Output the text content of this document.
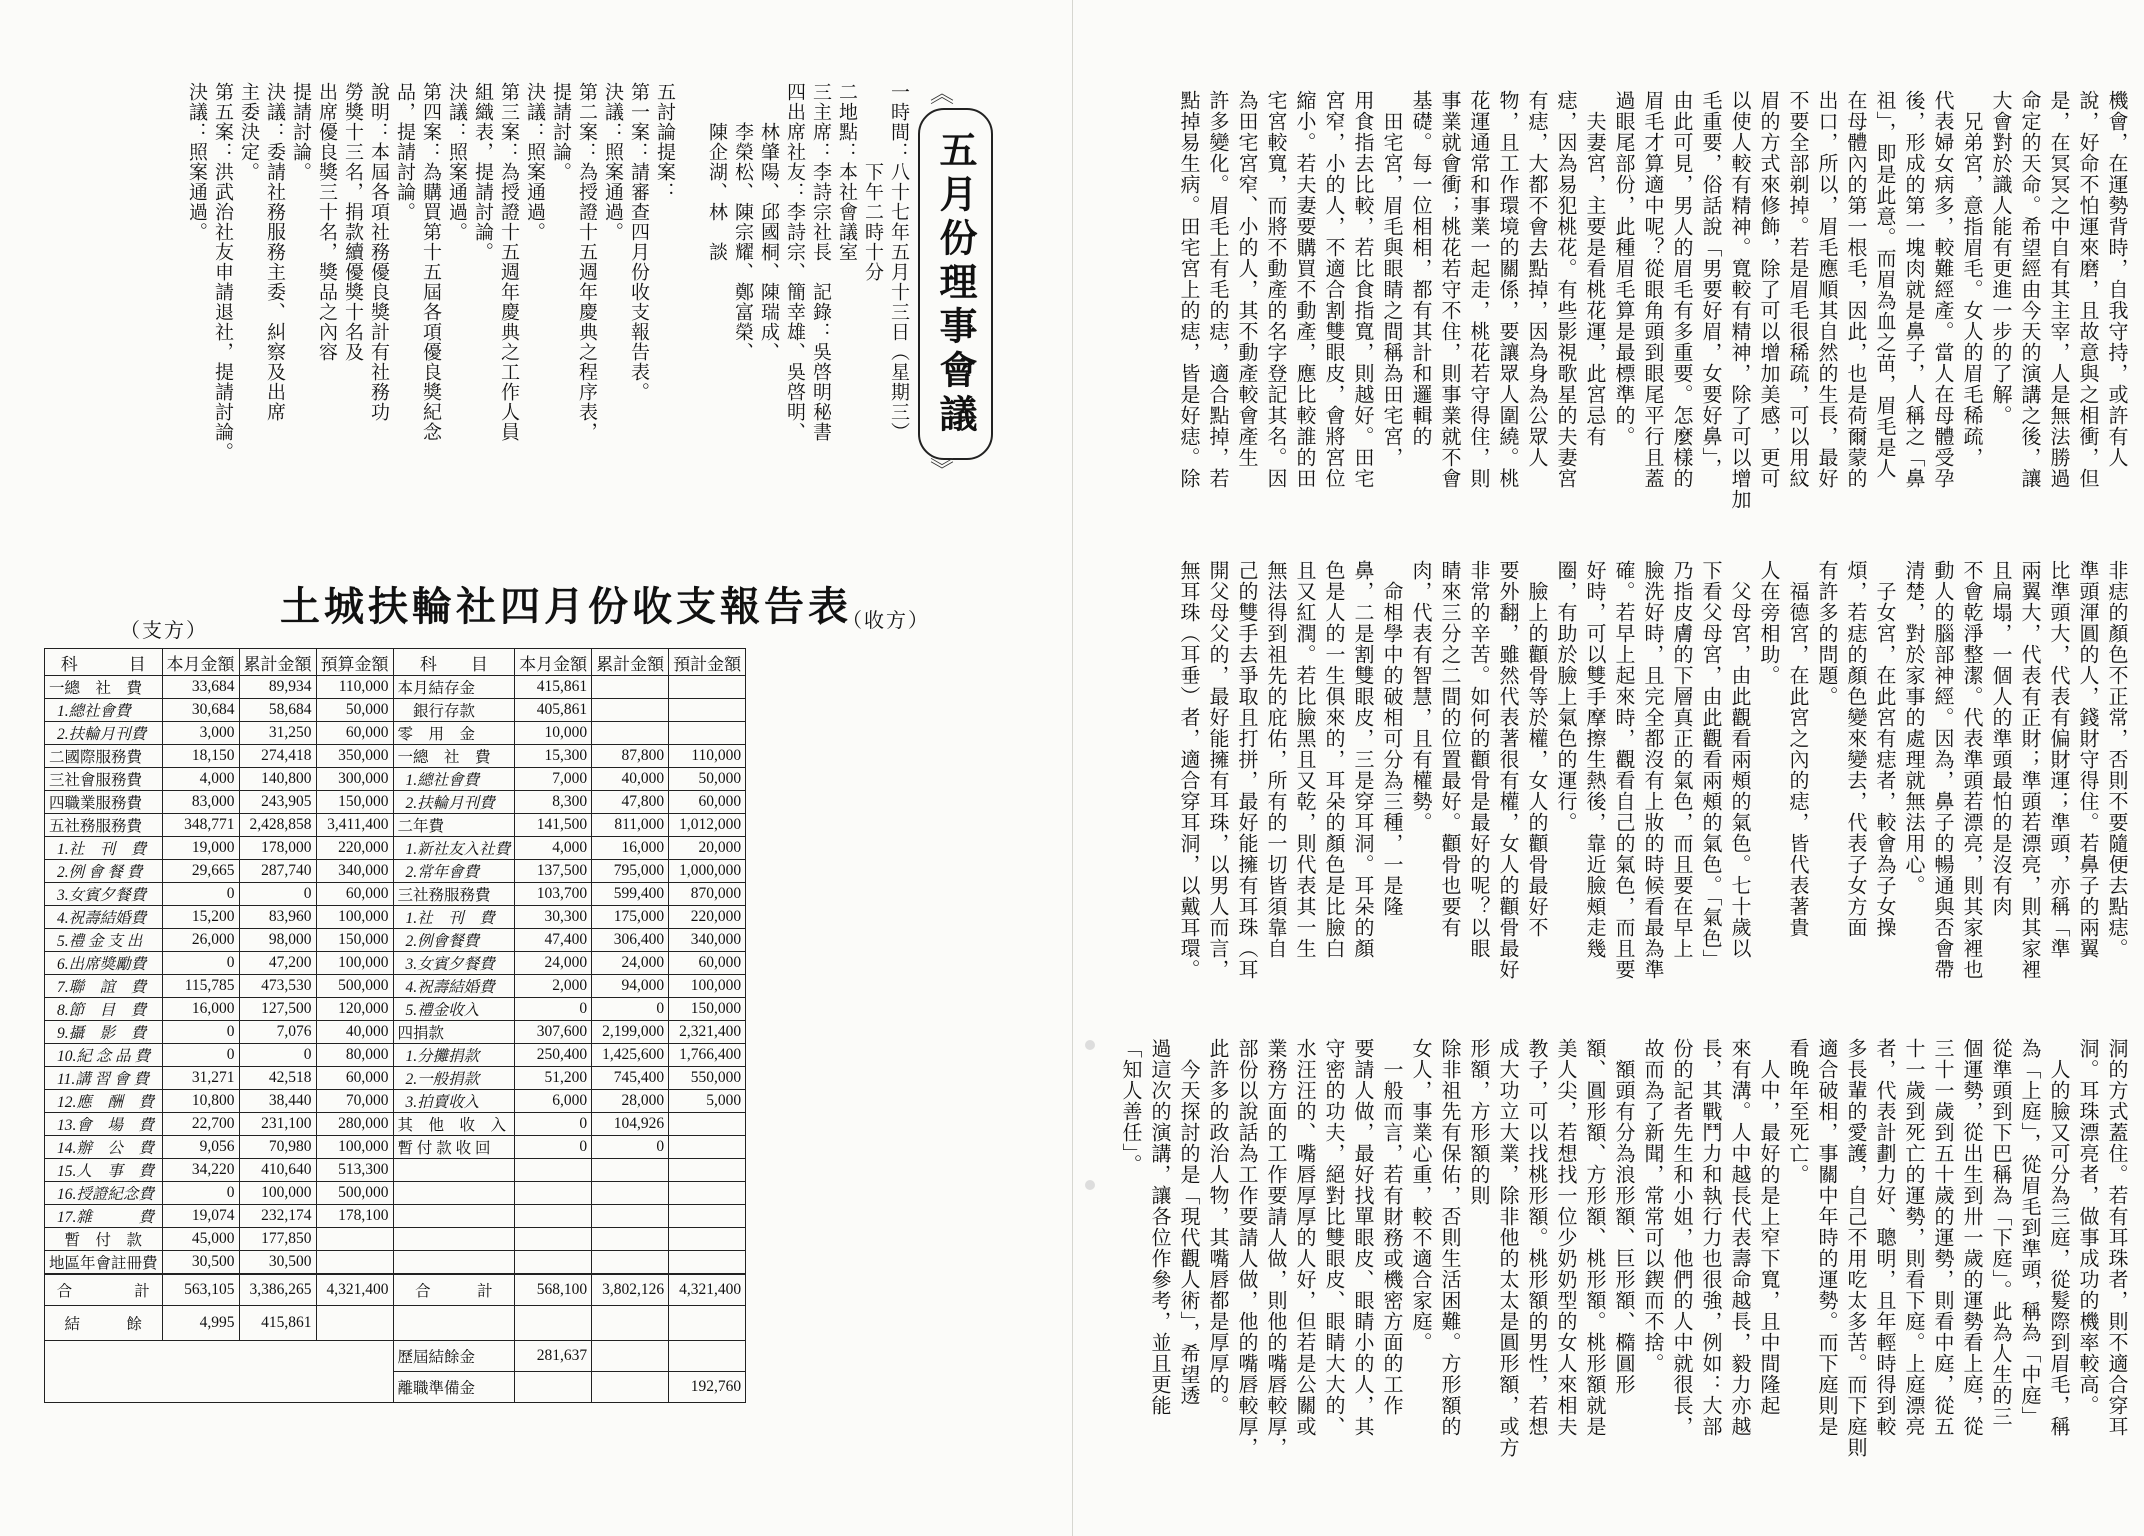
︽
五月份理事會議
︾
一時間：八十七年五月十三日（星期三）
　　　　下午二時十分
二地點：本社會議室
三主席：李詩宗社長　記錄：吳啓明秘書
四出席社友：李詩宗、簡幸雄、吳啓明、
　　林肇陽、邱國桐、陳瑞成、
　　李榮松、陳宗耀、鄭富榮、
　　陳企湖、林　談
五討論提案：
第一案：請審查四月份收支報告表。
決議：照案通過。
第二案：為授證十五週年慶典之程序表，
提請討論。
決議：照案通過。
第三案：為授證十五週年慶典之工作人員
組織表，提請討論。
決議：照案通過。
第四案：為購買第十五屆各項優良獎紀念
品，提請討論。
說明：本屆各項社務優良獎計有社務功
勞獎十三名，捐款續優獎十名及
出席優良獎三十名，獎品之內容
提請討論。
決議：委請社務服務主委、糾察及出席
主委決定。
第五案：洪武治社友申請退社，提請討論。
決議：照案通過。
土城扶輪社四月份收支報告表
（支方）	（收方）
科　　　目	本月金額	累計金額	預算金額	科　　目	本月金額	累計金額	預計金額
一總　社　費	33,684	89,934	110,000	本月結存金	415,861		
1.總社會費	30,684	58,684	50,000	　銀行存款	405,861		
2.扶輪月刊費	3,000	31,250	60,000	零　用　金	10,000		
二國際服務費	18,150	274,418	350,000	一總　社　費	15,300	87,800	110,000
三社會服務費	4,000	140,800	300,000	1.總社會費	7,000	40,000	50,000
四職業服務費	83,000	243,905	150,000	2.扶輪月刊費	8,300	47,800	60,000
五社務服務費	348,771	2,428,858	3,411,400	二年費	141,500	811,000	1,012,000
1.社　刊　費	19,000	178,000	220,000	1.新社友入社費	4,000	16,000	20,000
2.例 會 餐 費	29,665	287,740	340,000	2.常年會費	137,500	795,000	1,000,000
3.女賓夕餐費	0	0	60,000	三社務服務費	103,700	599,400	870,000
4.祝壽結婚費	15,200	83,960	100,000	1.社　刊　費	30,300	175,000	220,000
5.禮 金 支 出	26,000	98,000	150,000	2.例會餐費	47,400	306,400	340,000
6.出席獎勵費	0	47,200	100,000	3.女賓夕餐費	24,000	24,000	60,000
7.聯　誼　費	115,785	473,530	500,000	4.祝壽結婚費	2,000	94,000	100,000
8.節　目　費	16,000	127,500	120,000	5.禮金收入	0	0	150,000
9.攝　影　費	0	7,076	40,000	四捐款	307,600	2,199,000	2,321,400
10.紀 念 品 費	0	0	80,000	1.分攤捐款	250,400	1,425,600	1,766,400
11.講 習 會 費	31,271	42,518	60,000	2.一般捐款	51,200	745,400	550,000
12.應　酬　費	10,800	38,440	70,000	3.拍賣收入	6,000	28,000	5,000
13.會　場　費	22,700	231,100	280,000	其　他　收　入	0	104,926	
14.辦　公　費	9,056	70,980	100,000	暫 付 款 收 回	0	0	
15.人　事　費	34,220	410,640	513,300				
16.授證紀念費	0	100,000	500,000				
17.雜　　　費	19,074	232,174	178,100				
　暫　付　款	45,000	177,850					
地區年會註冊費	30,500	30,500					
合　　　　計	563,105	3,386,265	4,321,400	合　　　計	568,100	3,802,126	4,321,400
結　　　餘	4,995	415,861					
				歷屆結餘金	281,637		
				離職準備金			192,760
機會，在運勢背時，自我守持，或許有人
說，好命不怕運來磨，且故意與之相衝，但
是，在冥冥之中自有其主宰，人是無法勝過
命定的天命。希望經由今天的演講之後，讓
大會對於識人能有更進一步的了解。
　兄弟宮，意指眉毛。女人的眉毛稀疏，
代表婦女病多，較難經產。當人在母體受孕
後，形成的第一塊肉就是鼻子，人稱之「鼻
祖」，即是此意。而眉為血之苗，眉毛是人
在母體內的第一根毛，因此，也是荷爾蒙的
出口，所以，眉毛應順其自然的生長，最好
不要全部剃掉。若是眉毛很稀疏，可以用紋
眉的方式來修飾，除了可以增加美感，更可
以使人較有精神。寬較有精神，除了可以增加
毛重要，俗話說「男要好眉，女要好鼻」，
由此可見，男人的眉毛有多重要。怎麼樣的
眉毛才算適中呢？從眼角頭到眼尾平行且蓋
過眼尾部份，此種眉毛算是最標準的。
　夫妻宮，主要是看桃花運，此宮忌有
痣，因為易犯桃花。有些影視歌星的夫妻宮
有痣，大都不會去點掉，因為身為公眾人
物，且工作環境的關係，要讓眾人圍繞。桃
花運通常和事業一起走，桃花若守得住，則
事業就會衝；桃花若守不住，則事業就不會
基礎。每一位相相，都有其計和邏輯的
　田宅宮，眉毛與眼睛之間稱為田宅宮，
用食指去比較，若比食指寬，則越好。田宅
宮窄，小的人，不適合割雙眼皮，會將宮位
縮小。若夫妻要購買不動產，應比較誰的田
宅宮較寬，而將不動產的名字登記其名。因
為田宅宮窄、小的人，其不動產較會產生
許多變化。眉毛上有毛的痣，適合點掉，若
點掉易生病。田宅宮上的痣，皆是好痣。除
非痣的顏色不正常，否則不要隨便去點痣。
準頭渾圓的人，錢財守得住。若鼻子的兩翼
比準頭大，代表有偏財運；準頭，亦稱「準
兩翼大，代表有正財；準頭若漂亮，則其家裡
且扁塌，一個人的準頭最怕的是沒有肉
不會乾淨整潔。代表準頭若漂亮，則其家裡也
動人的腦部神經。因為，鼻子的暢通與否會帶
清楚，對於家事的處理就無法用心。
　子女宮，在此宮有痣者，較會為子女操
煩，若痣的顏色變來變去，代表子女方面
有許多的問題。
　福德宮，在此宮之內的痣，皆代表著貴
人在旁相助。
　父母宮，由此觀看兩頰的氣色。七十歲以
下看父母宮，由此觀看兩頰的氣色。「氣色」
乃指皮膚的下層真正的氣色，而且要在早上
臉洗好時，且完全都沒有上妝的時候看最為準
確。若早上起來時，觀看自己的氣色，而且要
好時，可以雙手摩擦生熱後，靠近臉頰走幾
圈，有助於臉上氣色的運行。
　臉上的顴骨等於權，女人的顴骨最好不
要外翻，雖然代表著很有權，女人的顴骨最好
非常的辛苦。如何的顴骨是最好的呢？以眼
睛來三分之二間的位置最好。顴骨也要有
肉，代表有智慧，且有權勢。
　命相學中的破相可分為三種，一是隆
鼻，二是割雙眼皮，三是穿耳洞。耳朵的顏
色是人的一生俱來的，耳朵的顏色是比臉白
且又紅潤。若比臉黑且又乾，則代表其一生
無法得到祖先的庇佑，所有的一切皆須靠自
己的雙手去爭取且打拼，最好能擁有耳珠（耳
開父母父的，最好能擁有耳珠，以男人而言，
無耳珠（耳垂）者，適合穿耳洞，以戴耳環。
洞的方式蓋住。若有耳珠者，則不適合穿耳
洞。耳珠漂亮者，做事成功的機率較高。
　人的臉又可分為三庭，從髮際到眉毛，稱
為「上庭」，從眉毛到準頭，稱為「中庭」
從準頭到下巴稱為「下庭」。此為人生的三
個運勢，從出生到卅一歲的運勢看上庭，從
三十一歲到五十歲的運勢，則看中庭，從五
十一歲到死亡的運勢，則看下庭。上庭漂亮
者，代表計劃力好、聰明，且年輕時得到較
多長輩的愛護，自己不用吃太多苦。而下庭則
適合破相，事關中年時的運勢。而下庭則是
看晚年至死亡。
　人中，最好的是上窄下寬，且中間隆起
來有溝。人中越長代表壽命越長，毅力亦越
長，其戰鬥力和執行力也很強，例如：大部
份的記者先生和小姐，他們的人中就很長，
故而為了新聞，常常可以鍥而不捨。
　額頭有分為浪形額、巨形額、橢圓形
額、圓形額、方形額、桃形額。桃形額就是
美人尖，若想找一位少奶奶型的女人來相夫
教子，可以找桃形額。桃形額的男性，若想
成大功立大業，除非他的太太是圓形額，或方
形額，方形額的則
除非祖先有保佑，否則生活困難。方形額的
女人，事業心重，較不適合家庭。
　一般而言，若有財務或機密方面的工作
要請人做，最好找單眼皮、眼睛小的人，其
守密的功夫，絕對比雙眼皮、眼睛大大的、
水汪汪的、嘴唇厚厚的人好，但若是公關或
業務方面的工作要請人做，則他的嘴唇較厚，
部份以說話為工作要請人做，他的嘴唇較厚，
此許多的政治人物，其嘴唇都是厚厚的。
　今天探討的是「現代觀人術」，希望透
過這次的演講，讓各位作參考，並且更能
「知人善任」。
